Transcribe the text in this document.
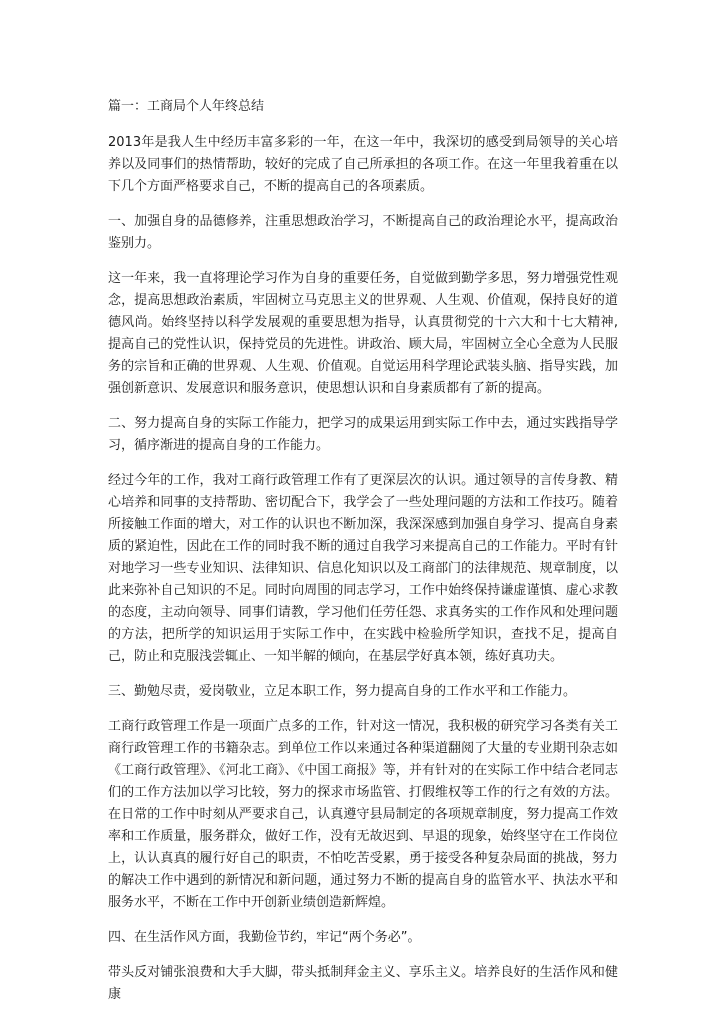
篇一：工商局个人年终总结

2013年是我人生中经历丰富多彩的一年，在这一年中，我深切的感受到局领导的关心培养以及同事们的热情帮助，较好的完成了自己所承担的各项工作。在这一年里我着重在以下几个方面严格要求自己，不断的提高自己的各项素质。

一、加强自身的品德修养，注重思想政治学习，不断提高自己的政治理论水平，提高政治鉴别力。

这一年来，我一直将理论学习作为自身的重要任务，自觉做到勤学多思，努力增强党性观念，提高思想政治素质，牢固树立马克思主义的世界观、人生观、价值观，保持良好的道德风尚。始终坚持以科学发展观的重要思想为指导，认真贯彻党的十六大和十七大精神,提高自己的党性认识，保持党员的先进性。讲政治、顾大局，牢固树立全心全意为人民服务的宗旨和正确的世界观、人生观、价值观。自觉运用科学理论武装头脑、指导实践，加强创新意识、发展意识和服务意识，使思想认识和自身素质都有了新的提高。

二、努力提高自身的实际工作能力，把学习的成果运用到实际工作中去，通过实践指导学习，循序渐进的提高自身的工作能力。

经过今年的工作，我对工商行政管理工作有了更深层次的认识。通过领导的言传身教、精心培养和同事的支持帮助、密切配合下，我学会了一些处理问题的方法和工作技巧。随着所接触工作面的增大，对工作的认识也不断加深，我深深感到加强自身学习、提高自身素质的紧迫性，因此在工作的同时我不断的通过自我学习来提高自己的工作能力。平时有针对地学习一些专业知识、法律知识、信息化知识以及工商部门的法律规范、规章制度，以此来弥补自己知识的不足。同时向周围的同志学习，工作中始终保持谦虚谨慎、虚心求教的态度，主动向领导、同事们请教，学习他们任劳任怨、求真务实的工作作风和处理问题的方法，把所学的知识运用于实际工作中，在实践中检验所学知识，查找不足，提高自己，防止和克服浅尝辄止、一知半解的倾向，在基层学好真本领，练好真功夫。

三、勤勉尽责，爱岗敬业，立足本职工作，努力提高自身的工作水平和工作能力。

工商行政管理工作是一项面广点多的工作，针对这一情况，我积极的研究学习各类有关工商行政管理工作的书籍杂志。到单位工作以来通过各种渠道翻阅了大量的专业期刊杂志如《工商行政管理》、《河北工商》、《中国工商报》等，并有针对的在实际工作中结合老同志们的工作方法加以学习比较，努力的探求市场监管、打假维权等工作的行之有效的方法。在日常的工作中时刻从严要求自己，认真遵守县局制定的各项规章制度，努力提高工作效率和工作质量，服务群众，做好工作，没有无故迟到、早退的现象，始终坚守在工作岗位上，认认真真的履行好自己的职责，不怕吃苦受累，勇于接受各种复杂局面的挑战，努力的解决工作中遇到的新情况和新问题，通过努力不断的提高自身的监管水平、执法水平和服务水平，不断在工作中开创新业绩创造新辉煌。

四、在生活作风方面，我勤俭节约，牢记“两个务必”。

带头反对铺张浪费和大手大脚，带头抵制拜金主义、享乐主义。培养良好的生活作风和健康
